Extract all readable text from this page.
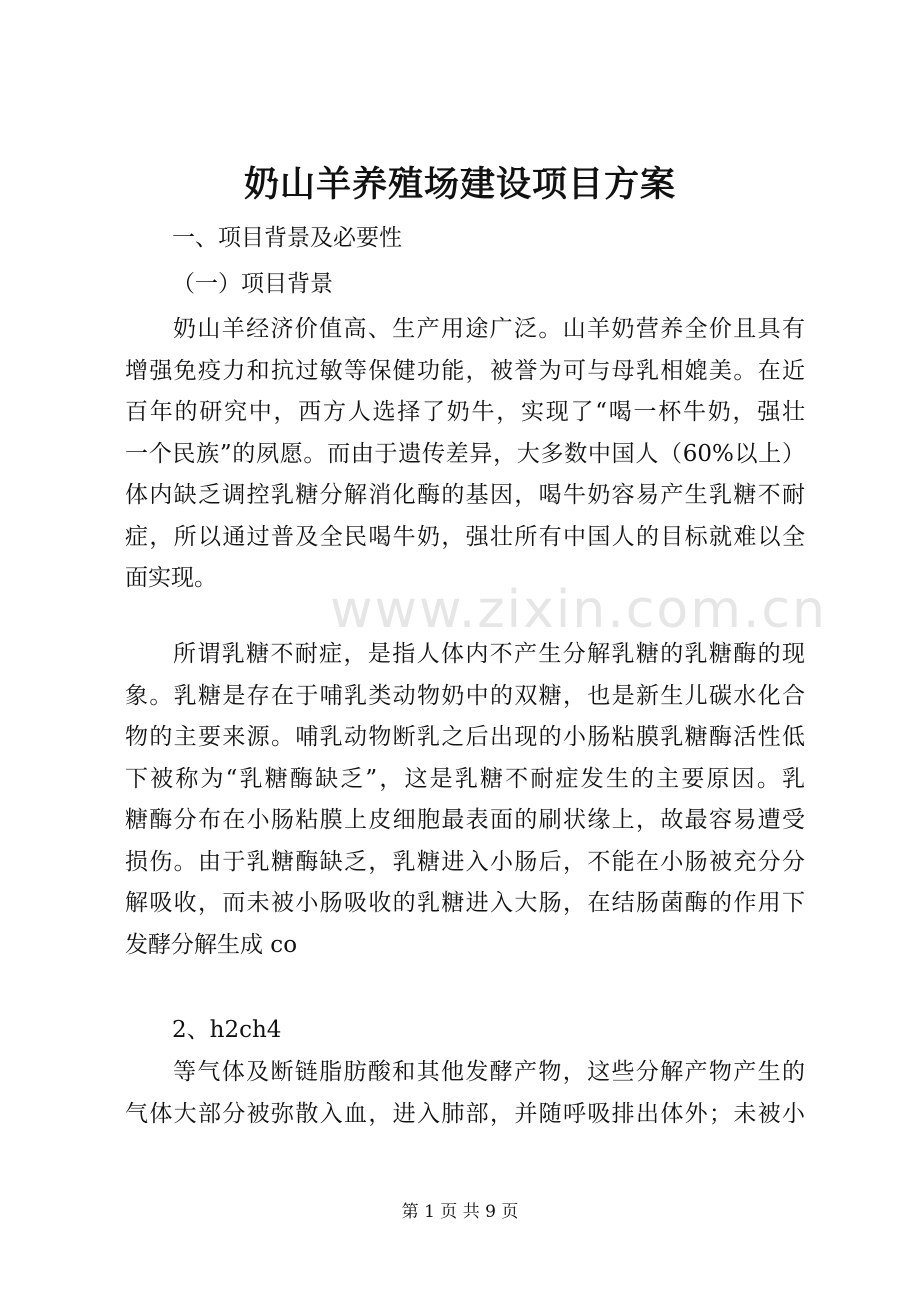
奶山羊养殖场建设项目方案
一、项目背景及必要性
（一）项目背景
奶山羊经济价值高、生产用途广泛。山羊奶营养全价且具有
增强免疫力和抗过敏等保健功能，被誉为可与母乳相媲美。在近
百年的研究中，西方人选择了奶牛，实现了“喝一杯牛奶，强壮
一个民族”的夙愿。而由于遗传差异，大多数中国人（60%以上）
体内缺乏调控乳糖分解消化酶的基因，喝牛奶容易产生乳糖不耐
症，所以通过普及全民喝牛奶，强壮所有中国人的目标就难以全
面实现。
所谓乳糖不耐症，是指人体内不产生分解乳糖的乳糖酶的现
象。乳糖是存在于哺乳类动物奶中的双糖，也是新生儿碳水化合
物的主要来源。哺乳动物断乳之后出现的小肠粘膜乳糖酶活性低
下被称为“乳糖酶缺乏”，这是乳糖不耐症发生的主要原因。乳
糖酶分布在小肠粘膜上皮细胞最表面的刷状缘上，故最容易遭受
损伤。由于乳糖酶缺乏，乳糖进入小肠后，不能在小肠被充分分
解吸收，而未被小肠吸收的乳糖进入大肠，在结肠菌酶的作用下
发酵分解生成 co
2、h2ch4
等气体及断链脂肪酸和其他发酵产物，这些分解产物产生的
气体大部分被弥散入血，进入肺部，并随呼吸排出体外；未被小
www.zixin.com.cn
第 1 页 共 9 页
